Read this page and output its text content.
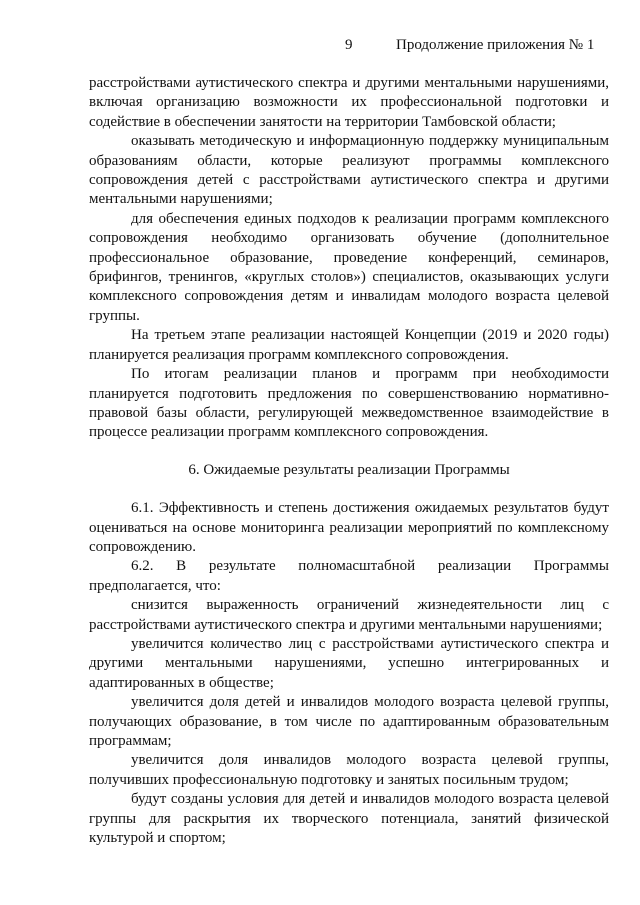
9	Продолжение приложения № 1

расстройствами аутистического спектра и другими ментальными нарушениями, включая организацию возможности их профессиональной подготовки и содействие в обеспечении занятости на территории Тамбовской области;

оказывать методическую и информационную поддержку муниципальным образованиям области, которые реализуют программы комплексного сопровождения детей с расстройствами аутистического спектра и другими ментальными нарушениями;

для обеспечения единых подходов к реализации программ комплексного сопровождения необходимо организовать обучение (дополнительное профессиональное образование, проведение конференций, семинаров, брифингов, тренингов, «круглых столов») специалистов, оказывающих услуги комплексного сопровождения детям и инвалидам молодого возраста целевой группы.

На третьем этапе реализации настоящей Концепции (2019 и 2020 годы) планируется реализация программ комплексного сопровождения.

По итогам реализации планов и программ при необходимости планируется подготовить предложения по совершенствованию нормативно-правовой базы области, регулирующей межведомственное взаимодействие в процессе реализации программ комплексного сопровождения.

6. Ожидаемые результаты реализации Программы

6.1. Эффективность и степень достижения ожидаемых результатов будут оцениваться на основе мониторинга реализации мероприятий по комплексному сопровождению.

6.2. В результате полномасштабной реализации Программы предполагается, что:

снизится выраженность ограничений жизнедеятельности лиц с расстройствами аутистического спектра и другими ментальными нарушениями;

увеличится количество лиц с расстройствами аутистического спектра и другими ментальными нарушениями, успешно интегрированных и адаптированных в обществе;

увеличится доля детей и инвалидов молодого возраста целевой группы, получающих образование, в том числе по адаптированным образовательным программам;

увеличится доля инвалидов молодого возраста целевой группы, получивших профессиональную подготовку и занятых посильным трудом;

будут созданы условия для детей и инвалидов молодого возраста целевой группы для раскрытия их творческого потенциала, занятий физической культурой и спортом;
